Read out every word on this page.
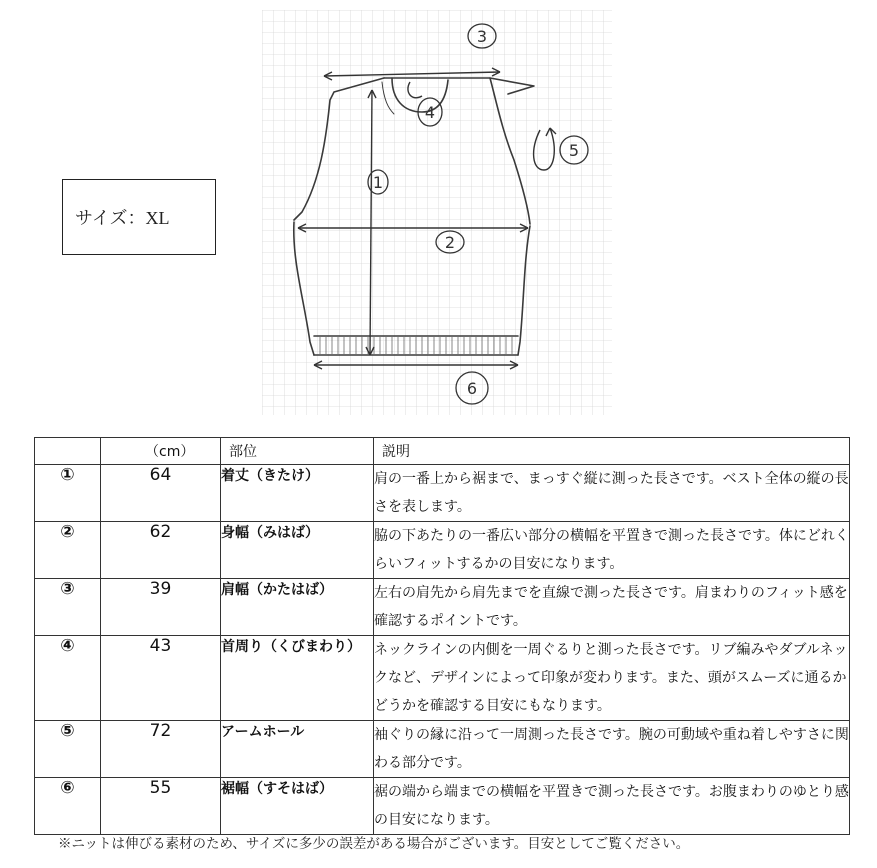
サイズ：XL
3
4
1
2
5
6
	（cm）	部位	説明
①	64	着丈（きたけ）	肩の一番上から裾まで、まっすぐ縦に測った長さです。ベスト全体の縦の長さを表します。
②	62	身幅（みはば）	脇の下あたりの一番広い部分の横幅を平置きで測った長さです。体にどれくらいフィットするかの目安になります。
③	39	肩幅（かたはば）	左右の肩先から肩先までを直線で測った長さです。肩まわりのフィット感を確認するポイントです。
④	43	首周り（くびまわり）	ネックラインの内側を一周ぐるりと測った長さです。リブ編みやダブルネックなど、デザインによって印象が変わります。また、頭がスムーズに通るかどうかを確認する目安にもなります。
⑤	72	アームホール	袖ぐりの縁に沿って一周測った長さです。腕の可動域や重ね着しやすさに関わる部分です。
⑥	55	裾幅（すそはば）	裾の端から端までの横幅を平置きで測った長さです。お腹まわりのゆとり感の目安になります。
※ニットは伸びる素材のため、サイズに多少の誤差がある場合がございます。目安としてご覧ください。
